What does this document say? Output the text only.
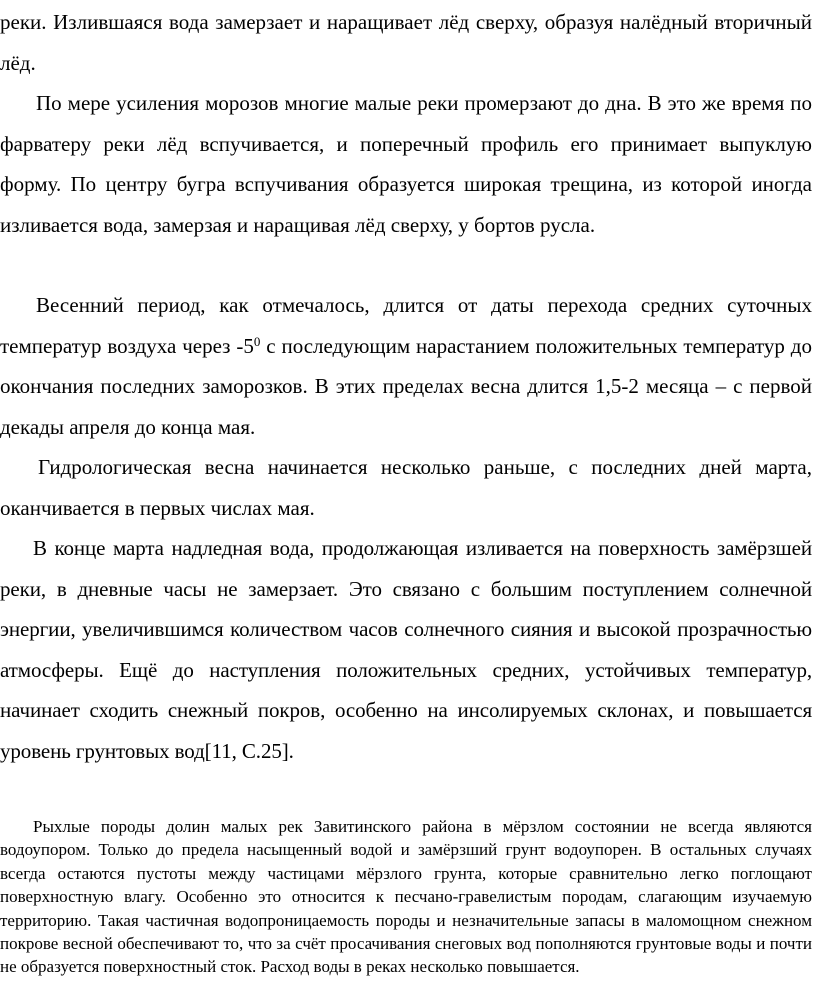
реки. Излившаяся вода замерзает и наращивает лёд сверху, образуя налёдный вторичный лёд.

По мере усиления морозов многие малые реки промерзают до дна. В это же время по фарватеру реки лёд вспучивается, и поперечный профиль его принимает выпуклую форму. По центру бугра вспучивания образуется широкая трещина, из которой иногда изливается вода, замерзая и наращивая лёд сверху, у бортов русла.

Весенний период, как отмечалось, длится от даты перехода средних суточных температур воздуха через $-5^0$ с последующим нарастанием положительных температур до окончания последних заморозков. В этих пределах весна длится 1,5-2 месяца – с первой декады апреля до конца мая.

Гидрологическая весна начинается несколько раньше, с последних дней марта, оканчивается в первых числах мая.

В конце марта надледная вода, продолжающая изливается на поверхность замёрзшей реки, в дневные часы не замерзает. Это связано с большим поступлением солнечной энергии, увеличившимся количеством часов солнечного сияния и высокой прозрачностью атмосферы. Ещё до наступления положительных средних, устойчивых температур, начинает сходить снежный покров, особенно на инсолируемых склонах, и повышается уровень грунтовых вод[11, С.25].

Рыхлые породы долин малых рек Завитинского района в мёрзлом состоянии не всегда являются водоупором. Только до предела насыщенный водой и замёрзший грунт водоупорен. В остальных случаях всегда остаются пустоты между частицами мёрзлого грунта, которые сравнительно легко поглощают поверхностную влагу. Особенно это относится к песчано-гравелистым породам, слагающим изучаемую территорию. Такая частичная водопроницаемость породы и незначительные запасы в маломощном снежном покрове весной обеспечивают то, что за счёт просачивания снеговых вод пополняются грунтовые воды и почти не образуется поверхностный сток. Расход воды в реках несколько повышается.
